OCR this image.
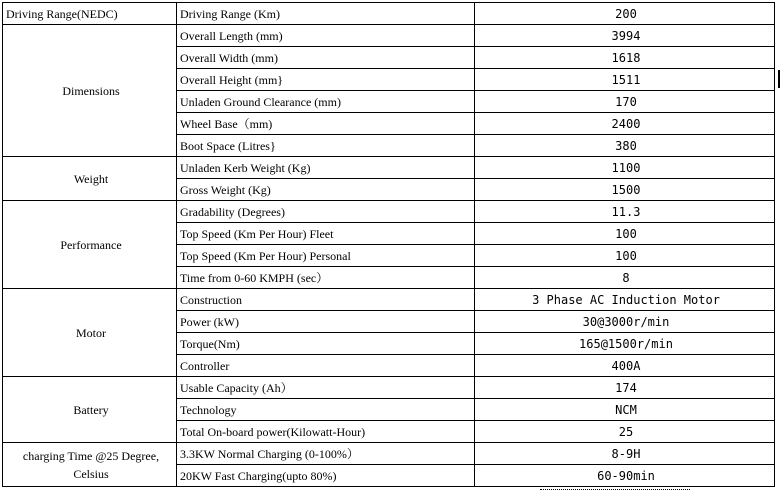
Driving Range(NEDC)	Driving Range (Km)	200
Dimensions	Overall Length (mm)	3994
	Overall Width (mm)	1618
	Overall Height (mm}	1511
	Unladen Ground Clearance (mm)	170
	Wheel Base（mm)	2400
	Boot Space (Litres}	380
Weight	Unladen Kerb Weight (Kg)	1100
	Gross Weight (Kg)	1500
Performance	Gradability (Degrees)	11.3
	Top Speed (Km Per Hour) Fleet	100
	Top Speed (Km Per Hour) Personal	100
	Time from 0-60 KMPH (sec）	8
Motor	Construction	3 Phase AC Induction Motor
	Power (kW)	30@3000r/min
	Torque(Nm)	165@1500r/min
	Controller	400A
Battery	Usable Capacity (Ah）	174
	Technology	NCM
	Total On-board power(Kilowatt-Hour)	25
charging Time @25 Degree, Celsius	3.3KW Normal Charging (0-100%）	8-9H
	20KW Fast Charging(upto 80%)	60-90min
